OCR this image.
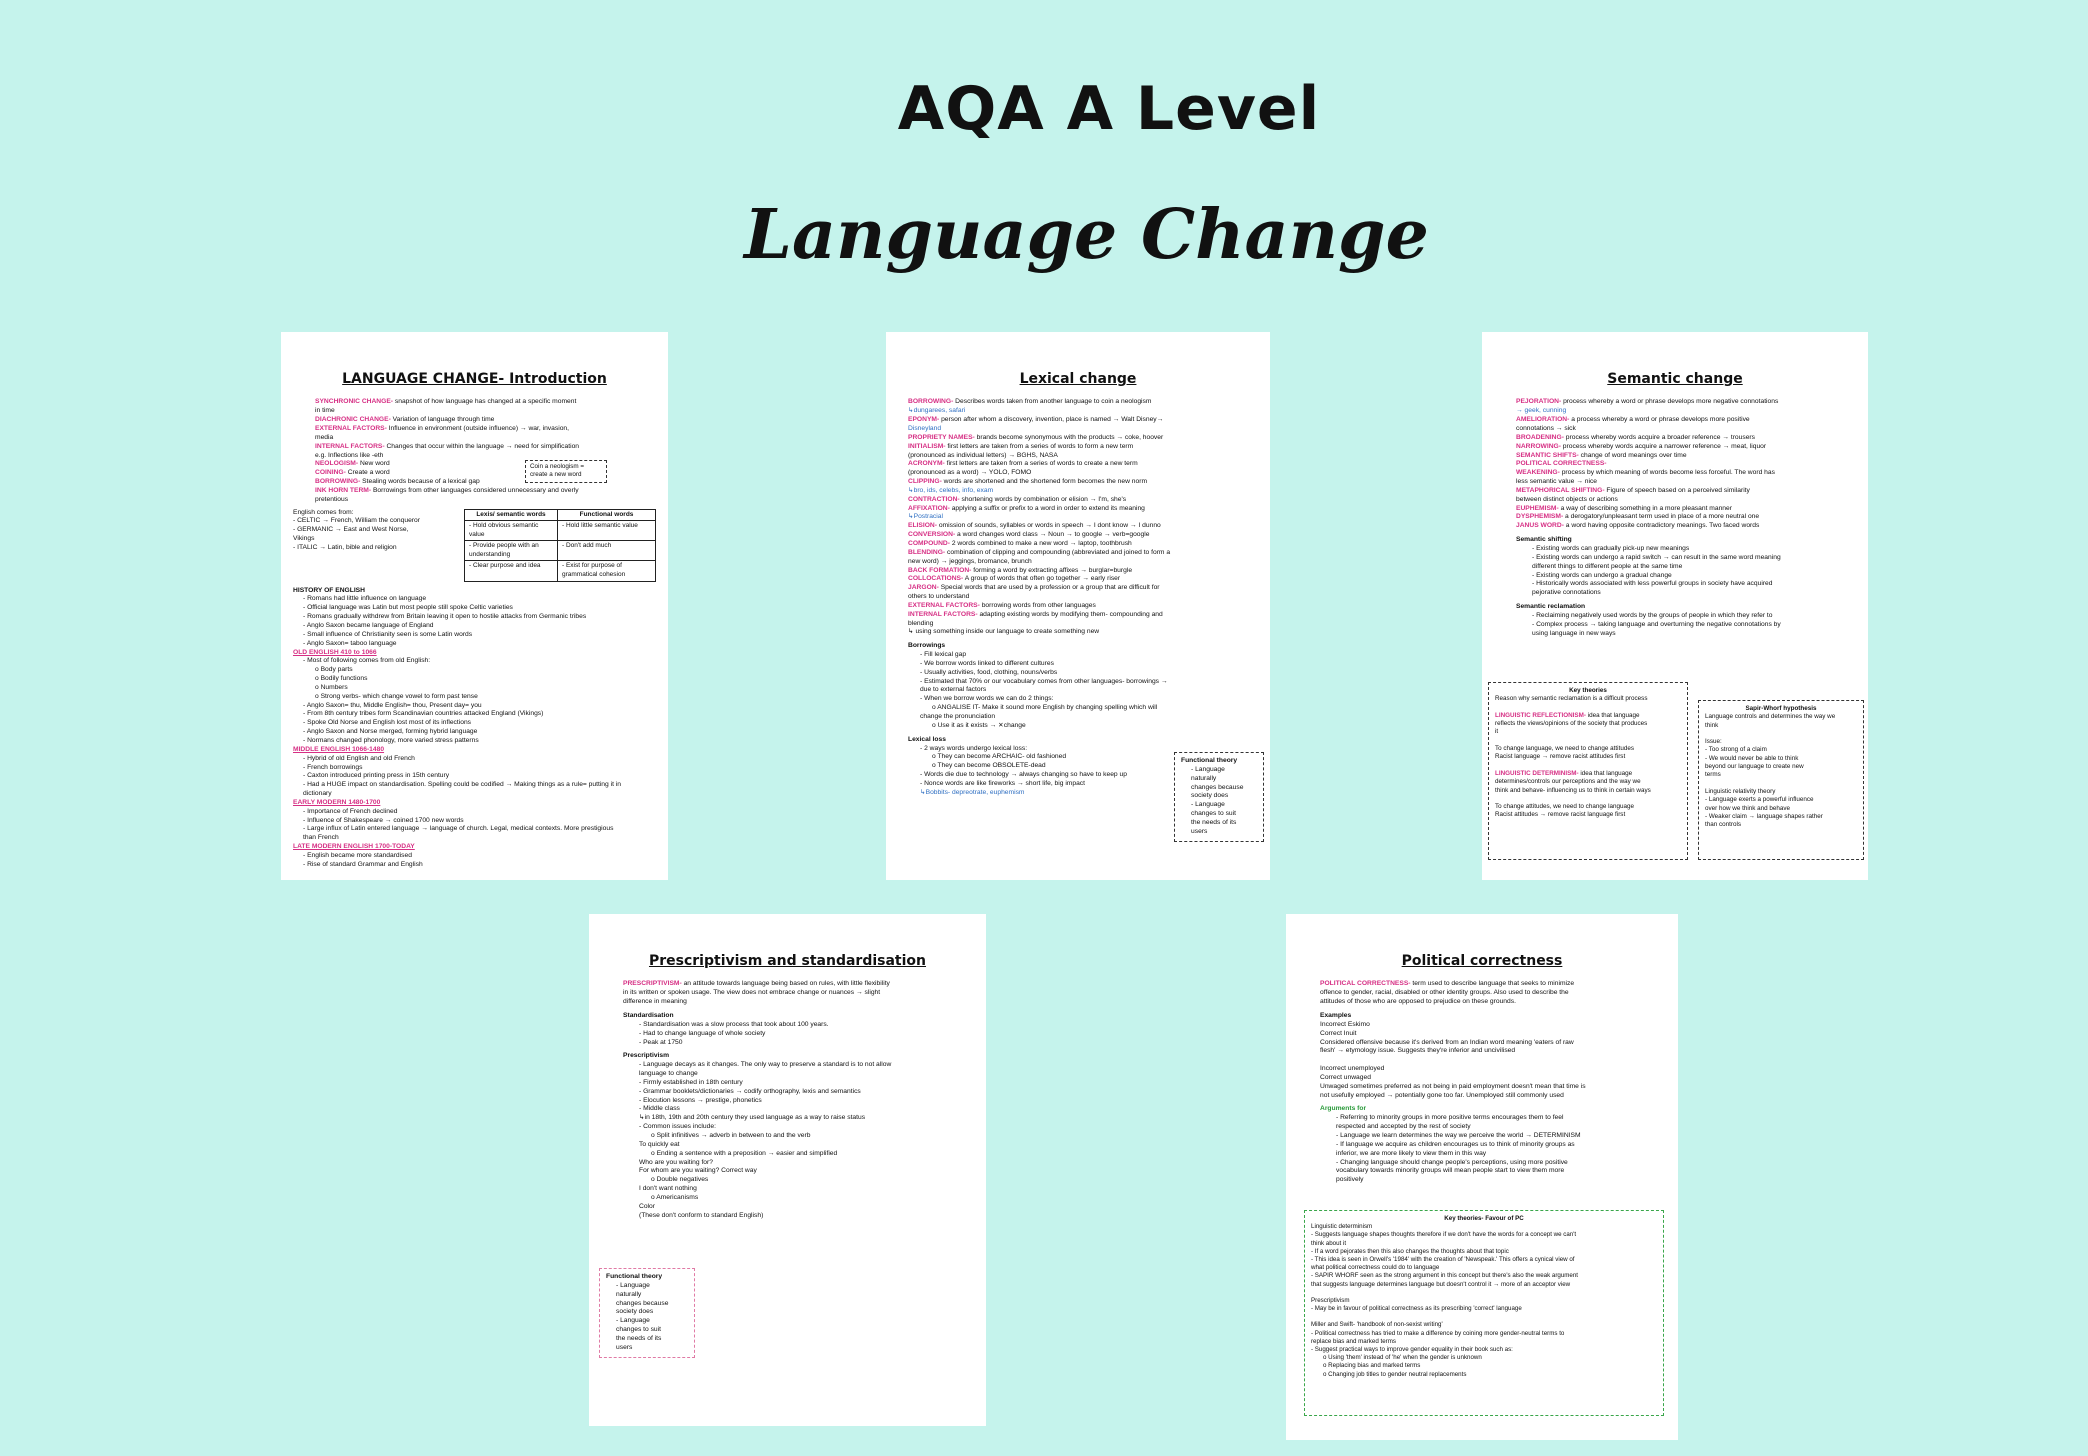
AQA A Level
Language Change
LANGUAGE CHANGE- Introduction
SYNCHRONIC CHANGE- snapshot of how language has changed at a specific moment
in time
DIACHRONIC CHANGE- Variation of language through time
EXTERNAL FACTORS- Influence in environment (outside influence) → war, invasion,
media
INTERNAL FACTORS- Changes that occur within the language → need for simplification
e.g. Inflections like -eth
NEOLOGISM- New word
COINING- Create a word
BORROWING- Stealing words because of a lexical gap
INK HORN TERM- Borrowings from other languages considered unnecessary and overly
pretentious
Coin a neologism = create a new word
English comes from:
- CELTIC → French, William the conqueror
- GERMANIC → East and West Norse,
Vikings
- ITALIC → Latin, bible and religion
Lexis/ semantic words	Functional words
- Hold obvious semantic value	- Hold little semantic value
- Provide people with an understanding	- Don't add much
- Clear purpose and idea	- Exist for purpose of grammatical cohesion
HISTORY OF ENGLISH
- Romans had little influence on language
- Official language was Latin but most people still spoke Celtic varieties
- Romans gradually withdrew from Britain leaving it open to hostile attacks from Germanic tribes
- Anglo Saxon became language of England
- Small influence of Christianity seen is some Latin words
- Anglo Saxon= taboo language
OLD ENGLISH 410 to 1066
- Most of following comes from old English:
o Body parts
o Bodily functions
o Numbers
o Strong verbs- which change vowel to form past tense
- Anglo Saxon= thu, Middle English= thou, Present day= you
- From 8th century tribes form Scandinavian countries attacked England (Vikings)
- Spoke Old Norse and English lost most of its inflections
- Anglo Saxon and Norse merged, forming hybrid language
- Normans changed phonology, more varied stress patterns
MIDDLE ENGLISH 1066-1480
- Hybrid of old English and old French
- French borrowings
- Caxton introduced printing press in 15th century
- Had a HUGE impact on standardisation. Spelling could be codified → Making things as a rule= putting it in
dictionary
EARLY MODERN 1480-1700
- Importance of French declined
- Influence of Shakespeare → coined 1700 new words
- Large influx of Latin entered language → language of church. Legal, medical contexts. More prestigious
than French
LATE MODERN ENGLISH 1700-TODAY
- English became more standardised
- Rise of standard Grammar and English
Lexical change
BORROWING- Describes words taken from another language to coin a neologism
↳dungarees, safari
EPONYM- person after whom a discovery, invention, place is named → Walt Disney→
Disneyland
PROPRIETY NAMES- brands become synonymous with the products → coke, hoover
INITIALISM- first letters are taken from a series of words to form a new term
(pronounced as individual letters) → BGHS, NASA
ACRONYM- first letters are taken from a series of words to create a new term
(pronounced as a word) → YOLO, FOMO
CLIPPING- words are shortened and the shortened form becomes the new norm
↳bro, ids, celebs, info, exam
CONTRACTION- shortening words by combination or elision → I'm, she's
AFFIXATION- applying a suffix or prefix to a word in order to extend its meaning
↳Postracial
ELISION- omission of sounds, syllables or words in speech → I dont know → I dunno
CONVERSION- a word changes word class → Noun → to google → verb=google
COMPOUND- 2 words combined to make a new word → laptop, toothbrush
BLENDING- combination of clipping and compounding (abbreviated and joined to form a
new word) → jeggings, bromance, brunch
BACK FORMATION- forming a word by extracting affixes → burglar=burgle
COLLOCATIONS- A group of words that often go together → early riser
JARGON- Special words that are used by a profession or a group that are difficult for
others to understand
EXTERNAL FACTORS- borrowing words from other languages
INTERNAL FACTORS- adapting existing words by modifying them- compounding and
blending
↳ using something inside our language to create something new
Borrowings
- Fill lexical gap
- We borrow words linked to different cultures
- Usually activities, food, clothing, nouns/verbs
- Estimated that 70% or our vocabulary comes from other languages- borrowings →
due to external factors
- When we borrow words we can do 2 things:
o ANGALISE IT- Make it sound more English by changing spelling which will
change the pronunciation
o Use it as it exists → ✕change
Lexical loss
- 2 ways words undergo lexical loss:
o They can become ARCHAIC- old fashioned
o They can become OBSOLETE-dead
- Words die due to technology → always changing so have to keep up
- Nonce words are like fireworks → short life, big impact
↳Bobbits- depreotrate, euphemism
Functional theory
- Language
naturally
changes because
society does
- Language
changes to suit
the needs of its
users
Semantic change
PEJORATION- process whereby a word or phrase develops more negative connotations
→ geek, cunning
AMELIORATION- a process whereby a word or phrase develops more positive
connotations → sick
BROADENING- process whereby words acquire a broader reference → trousers
NARROWING- process whereby words acquire a narrower reference → meat, liquor
SEMANTIC SHIFTS- change of word meanings over time
POLITICAL CORRECTNESS-
WEAKENING- process by which meaning of words become less forceful. The word has
less semantic value → nice
METAPHORICAL SHIFTING- Figure of speech based on a perceived similarity
between distinct objects or actions
EUPHEMISM- a way of describing something in a more pleasant manner
DYSPHEMISM- a derogatory/unpleasant term used in place of a more neutral one
JANUS WORD- a word having opposite contradictory meanings. Two faced words
Semantic shifting
- Existing words can gradually pick-up new meanings
- Existing words can undergo a rapid switch → can result in the same word meaning
different things to different people at the same time
- Existing words can undergo a gradual change
- Historically words associated with less powerful groups in society have acquired
pejorative connotations
Semantic reclamation
- Reclaiming negatively used words by the groups of people in which they refer to
- Complex process → taking language and overturning the negative connotations by
using language in new ways
Key theories
Reason why semantic reclamation is a difficult process

LINGUISTIC REFLECTIONISM- idea that language
reflects the views/opinions of the society that produces
it

To change language, we need to change attitudes
Racist language → remove racist attitudes first

LINGUISTIC DETERMINISM- idea that language
determines/controls our perceptions and the way we
think and behave- influencing us to think in certain ways

To change attitudes, we need to change language
Racist attitudes → remove racist language first
Sapir-Whorf hypothesis
Language controls and determines the way we
think

Issue:
- Too strong of a claim
- We would never be able to think
beyond our language to create new
terms

Linguistic relativity theory
- Language exerts a powerful influence
over how we think and behave
- Weaker claim → language shapes rather
than controls
Prescriptivism and standardisation
PRESCRIPTIVISM- an attitude towards language being based on rules, with little flexibility
in its written or spoken usage. The view does not embrace change or nuances → slight
difference in meaning
Standardisation
- Standardisation was a slow process that took about 100 years.
- Had to change language of whole society
- Peak at 1750
Prescriptivism
- Language decays as it changes. The only way to preserve a standard is to not allow
language to change
- Firmly established in 18th century
- Grammar booklets/dictionaries → codify orthography, lexis and semantics
- Elocution lessons → prestige, phonetics
- Middle class
↳in 18th, 19th and 20th century they used language as a way to raise status
- Common issues include:
o Split infinitives → adverb in between to and the verb
To quickly eat
o Ending a sentence with a preposition → easier and simplified
Who are you waiting for?
For whom are you waiting? Correct way
o Double negatives
I don't want nothing
o Americanisms
Color
(These don't conform to standard English)
Functional theory
- Language
naturally
changes because
society does
- Language
changes to suit
the needs of its
users
Political correctness
POLITICAL CORRECTNESS- term used to describe language that seeks to minimize
offence to gender, racial, disabled or other identity groups. Also used to describe the
attitudes of those who are opposed to prejudice on these grounds.
Examples
Incorrect Eskimo
Correct Inuit
Considered offensive because it's derived from an Indian word meaning 'eaters of raw
flesh' → etymology issue. Suggests they're inferior and uncivilised

Incorrect unemployed
Correct unwaged
Unwaged sometimes preferred as not being in paid employment doesn't mean that time is
not usefully employed → potentially gone too far. Unemployed still commonly used
Arguments for
- Referring to minority groups in more positive terms encourages them to feel
respected and accepted by the rest of society
- Language we learn determines the way we perceive the world → DETERMINISM
- If language we acquire as children encourages us to think of minority groups as
inferior, we are more likely to view them in this way
- Changing language should change people's perceptions, using more positive
vocabulary towards minority groups will mean people start to view them more
positively
Key theories- Favour of PC
Linguistic determinism
- Suggests language shapes thoughts therefore if we don't have the words for a concept we can't
think about it
- If a word pejorates then this also changes the thoughts about that topic
- This idea is seen in Orwell's '1984' with the creation of 'Newspeak.' This offers a cynical view of
what political correctness could do to language
- SAPIR WHORF seen as the strong argument in this concept but there's also the weak argument
that suggests language determines language but doesn't control it → more of an acceptor view

Prescriptivism
- May be in favour of political correctness as its prescribing 'correct' language

Miller and Swift- 'handbook of non-sexist writing'
- Political correctness has tried to make a difference by coining more gender-neutral terms to
replace bias and marked terms
- Suggest practical ways to improve gender equality in their book such as:
o Using 'them' instead of 'he' when the gender is unknown
o Replacing bias and marked terms
o Changing job titles to gender neutral replacements
